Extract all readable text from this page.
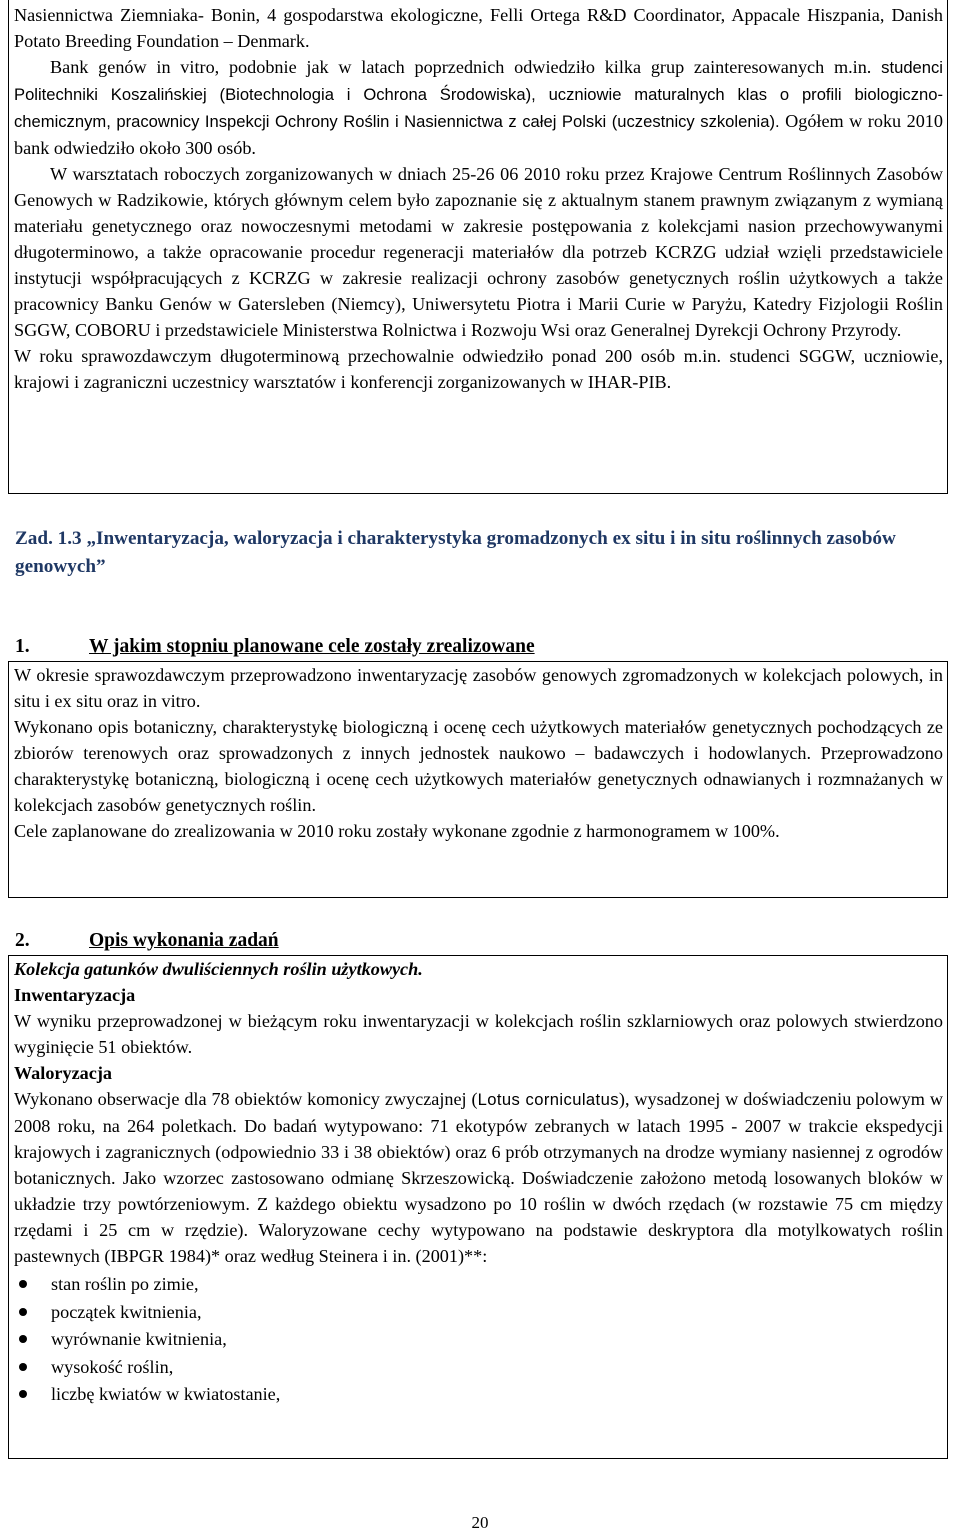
Nasiennictwa Ziemniaka- Bonin, 4 gospodarstwa ekologiczne, Felli Ortega R&D Coordinator, Appacale Hiszpania, Danish Potato Breeding Foundation – Denmark.

Bank genów in vitro, podobnie jak w latach poprzednich odwiedziło kilka grup zainteresowanych m.in. studenci Politechniki Koszalińskiej (Biotechnologia i Ochrona Środowiska), uczniowie maturalnych klas o profili biologiczno-chemicznym, pracownicy Inspekcji Ochrony Roślin i Nasiennictwa z całej Polski (uczestnicy szkolenia). Ogółem w roku 2010 bank odwiedziło około 300 osób.

W warsztatach roboczych zorganizowanych w dniach 25-26 06 2010 roku przez Krajowe Centrum Roślinnych Zasobów Genowych w Radzikowie, których głównym celem było zapoznanie się z aktualnym stanem prawnym związanym z wymianą materiału genetycznego oraz nowoczesnymi metodami w zakresie postępowania z kolekcjami nasion przechowywanymi długoterminowo, a także opracowanie procedur regeneracji materiałów dla potrzeb KCRZG udział wzięli przedstawiciele instytucji współpracujących z KCRZG w zakresie realizacji ochrony zasobów genetycznych roślin użytkowych a także pracownicy Banku Genów w Gatersleben (Niemcy), Uniwersytetu Piotra i Marii Curie w Paryżu, Katedry Fizjologii Roślin SGGW, COBORU i przedstawiciele Ministerstwa Rolnictwa i Rozwoju Wsi oraz Generalnej Dyrekcji Ochrony Przyrody.

W roku sprawozdawczym długoterminową przechowalnie odwiedziło ponad 200 osób m.in. studenci SGGW, uczniowie, krajowi i zagraniczni uczestnicy warsztatów i konferencji zorganizowanych w IHAR-PIB.

Zad. 1.3 „Inwentaryzacja, waloryzacja i charakterystyka gromadzonych ex situ i in situ roślinnych zasobów genowych”

1.	W jakim stopniu planowane cele zostały zrealizowane

W okresie sprawozdawczym przeprowadzono inwentaryzację zasobów genowych zgromadzonych w kolekcjach polowych, in situ i ex situ oraz in vitro.

Wykonano opis botaniczny, charakterystykę biologiczną i ocenę cech użytkowych materiałów genetycznych pochodzących ze zbiorów terenowych oraz sprowadzonych z innych jednostek naukowo – badawczych i hodowlanych. Przeprowadzono charakterystykę botaniczną, biologiczną i ocenę cech użytkowych materiałów genetycznych odnawianych i rozmnażanych w kolekcjach zasobów genetycznych roślin.

Cele zaplanowane do zrealizowania w 2010 roku zostały wykonane zgodnie z harmonogramem w 100%.

2.	Opis wykonania zadań

Kolekcja gatunków dwuliściennych roślin użytkowych.

Inwentaryzacja

W wyniku przeprowadzonej w bieżącym roku inwentaryzacji w kolekcjach roślin szklarniowych oraz polowych stwierdzono wyginięcie 51 obiektów.

Waloryzacja

Wykonano obserwacje dla 78 obiektów komonicy zwyczajnej (Lotus corniculatus), wysadzonej w doświadczeniu polowym w 2008 roku, na 264 poletkach. Do badań wytypowano: 71 ekotypów zebranych w latach 1995 - 2007 w trakcie ekspedycji krajowych i zagranicznych (odpowiednio 33 i 38 obiektów) oraz 6 prób otrzymanych na drodze wymiany nasiennej z ogrodów botanicznych. Jako wzorzec zastosowano odmianę Skrzeszowicką. Doświadczenie założono metodą losowanych bloków w układzie trzy powtórzeniowym. Z każdego obiektu wysadzono po 10 roślin w dwóch rzędach (w rozstawie 75 cm między rzędami i 25 cm w rzędzie). Waloryzowane cechy wytypowano na podstawie deskryptora dla motylkowatych roślin pastewnych (IBPGR 1984)* oraz według Steinera i in. (2001)**:

stan roślin po zimie,
początek kwitnienia,
wyrównanie kwitnienia,
wysokość roślin,
liczbę kwiatów w kwiatostanie,
20
